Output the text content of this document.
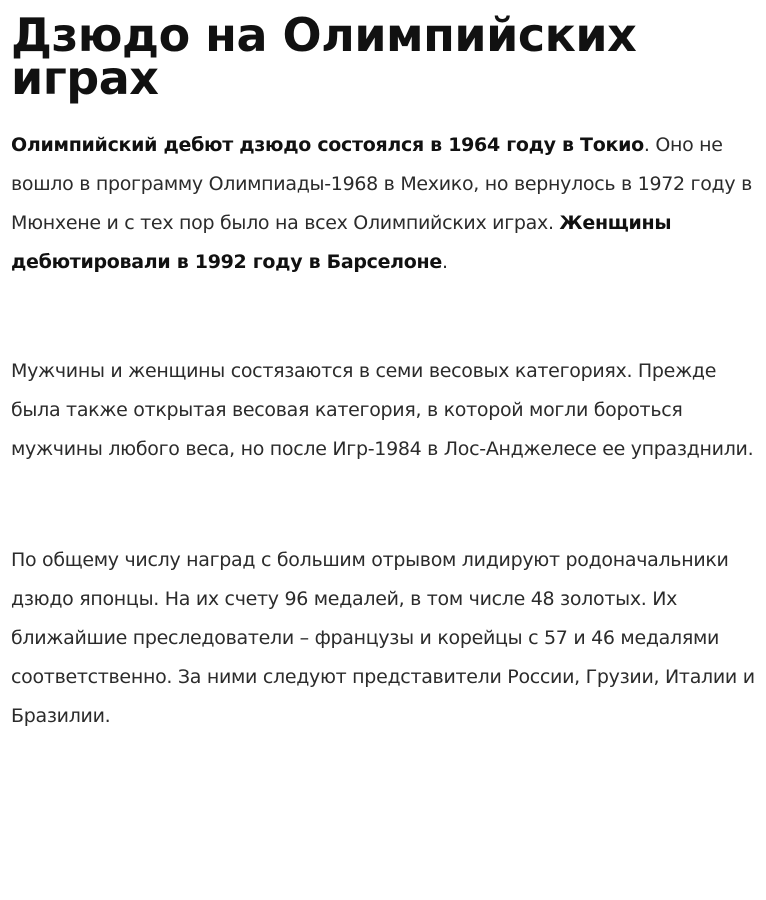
Дзюдо на Олимпийских играх

Олимпийский дебют дзюдо состоялся в 1964 году в Токио. Оно не вошло в программу Олимпиады-1968 в Мехико, но вернулось в 1972 году в Мюнхене и с тех пор было на всех Олимпийских играх. Женщины дебютировали в 1992 году в Барселоне.

Мужчины и женщины состязаются в семи весовых категориях. Прежде была также открытая весовая категория, в которой могли бороться мужчины любого веса, но после Игр-1984 в Лос-Анджелесе ее упразднили.

По общему числу наград с большим отрывом лидируют родоначальники дзюдо японцы. На их счету 96 медалей, в том числе 48 золотых. Их ближайшие преследователи – французы и корейцы с 57 и 46 медалями соответственно. За ними следуют представители России, Грузии, Италии и Бразилии.
